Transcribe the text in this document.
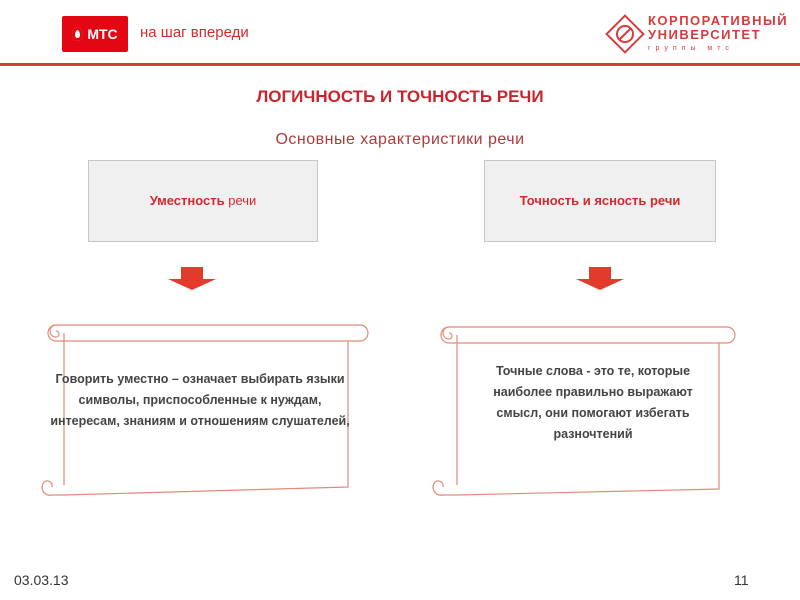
МТС на шаг впереди
КОРПОРАТИВНЫЙ
УНИВЕРСИТЕТ
группы мтс
ЛОГИЧНОСТЬ И ТОЧНОСТЬ РЕЧИ
Основные характеристики речи
Уместность речи	Точность и ясность речи
Говорить уместно – означает выбирать языки символы, приспособленные к нуждам, интересам, знаниям и отношениям слушателей,
Точные слова - это те, которые наиболее правильно выражают смысл, они помогают избегать разночтений
03.03.13	11
